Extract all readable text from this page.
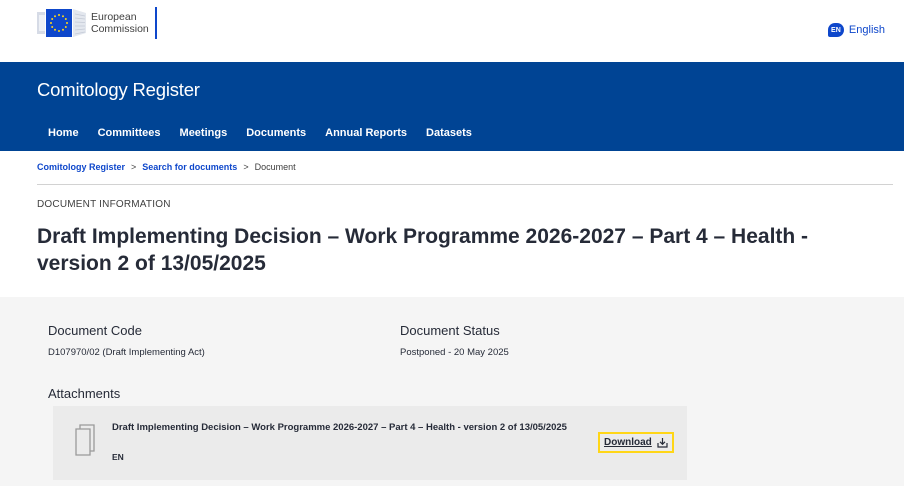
European
Commission	EN English
Comitology Register
Home Committees Meetings Documents Annual Reports Datasets
Comitology Register > Search for documents > Document
DOCUMENT INFORMATION
Draft Implementing Decision – Work Programme 2026-2027 – Part 4 – Health - version 2 of 13/05/2025
Document Code
D107970/02 (Draft Implementing Act)
Document Status
Postponed - 20 May 2025
Attachments
Draft Implementing Decision – Work Programme 2026-2027 – Part 4 – Health - version 2 of 13/05/2025
EN
Download
